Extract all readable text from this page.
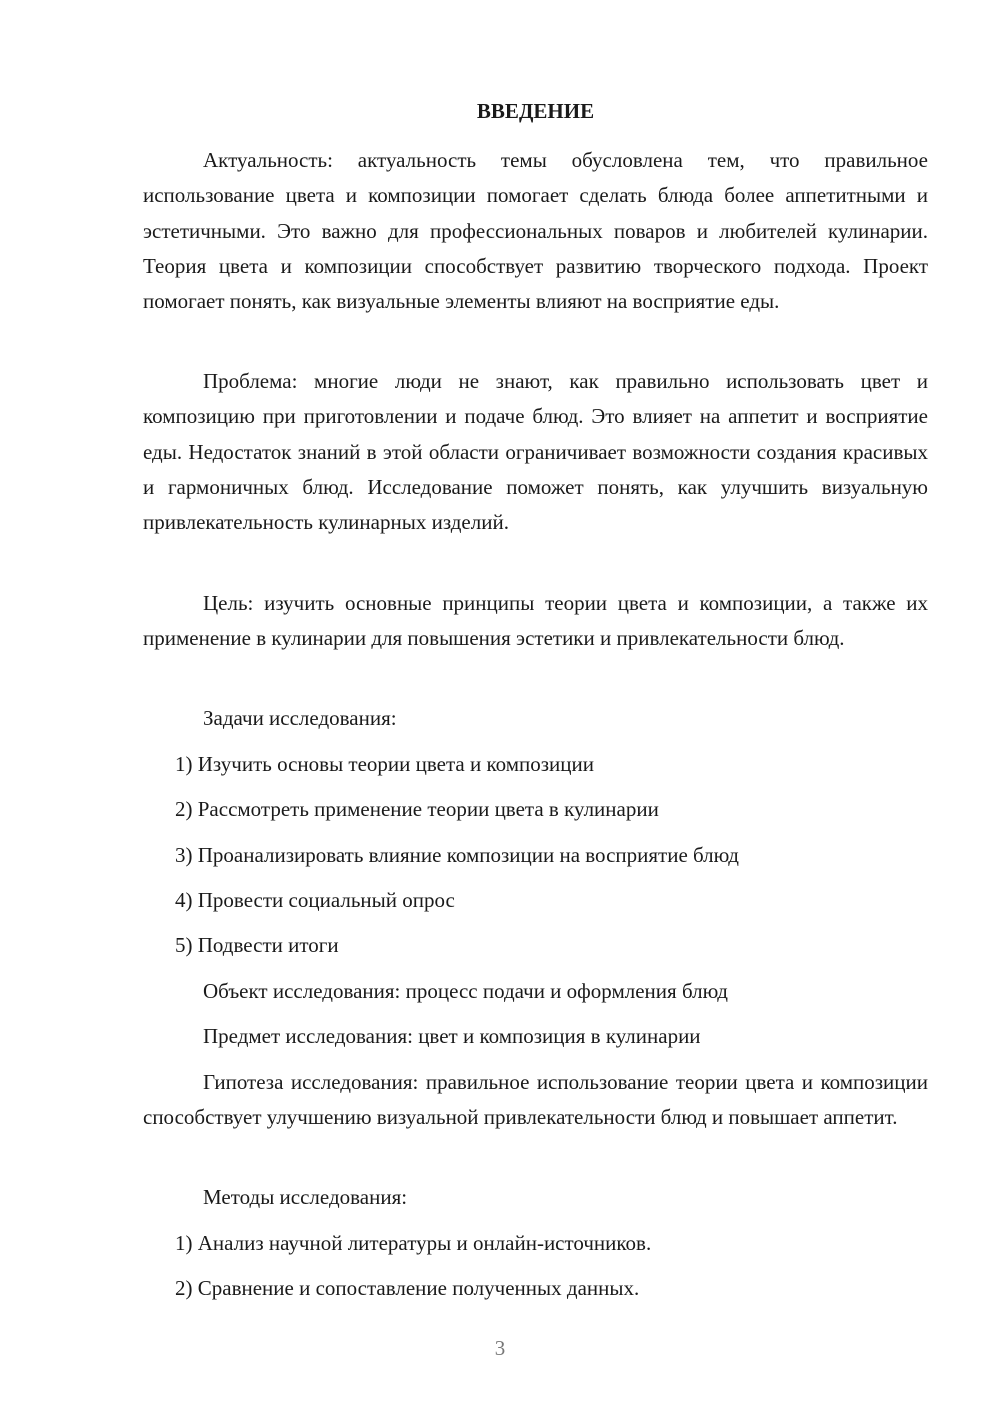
ВВЕДЕНИЕ

Актуальность: актуальность темы обусловлена тем, что правильное использование цвета и композиции помогает сделать блюда более аппетитными и эстетичными. Это важно для профессиональных поваров и любителей кулинарии. Теория цвета и композиции способствует развитию творческого подхода. Проект помогает понять, как визуальные элементы влияют на восприятие еды.

Проблема: многие люди не знают, как правильно использовать цвет и композицию при приготовлении и подаче блюд. Это влияет на аппетит и восприятие еды. Недостаток знаний в этой области ограничивает возможности создания красивых и гармоничных блюд. Исследование поможет понять, как улучшить визуальную привлекательность кулинарных изделий.

Цель: изучить основные принципы теории цвета и композиции, а также их применение в кулинарии для повышения эстетики и привлекательности блюд.

Задачи исследования:

1) Изучить основы теории цвета и композиции

2) Рассмотреть применение теории цвета в кулинарии

3) Проанализировать влияние композиции на восприятие блюд

4) Провести социальный опрос

5) Подвести итоги

Объект исследования: процесс подачи и оформления блюд

Предмет исследования: цвет и композиция в кулинарии

Гипотеза исследования: правильное использование теории цвета и композиции способствует улучшению визуальной привлекательности блюд и повышает аппетит.

Методы исследования:

1) Анализ научной литературы и онлайн-источников.

2) Сравнение и сопоставление полученных данных.

3
